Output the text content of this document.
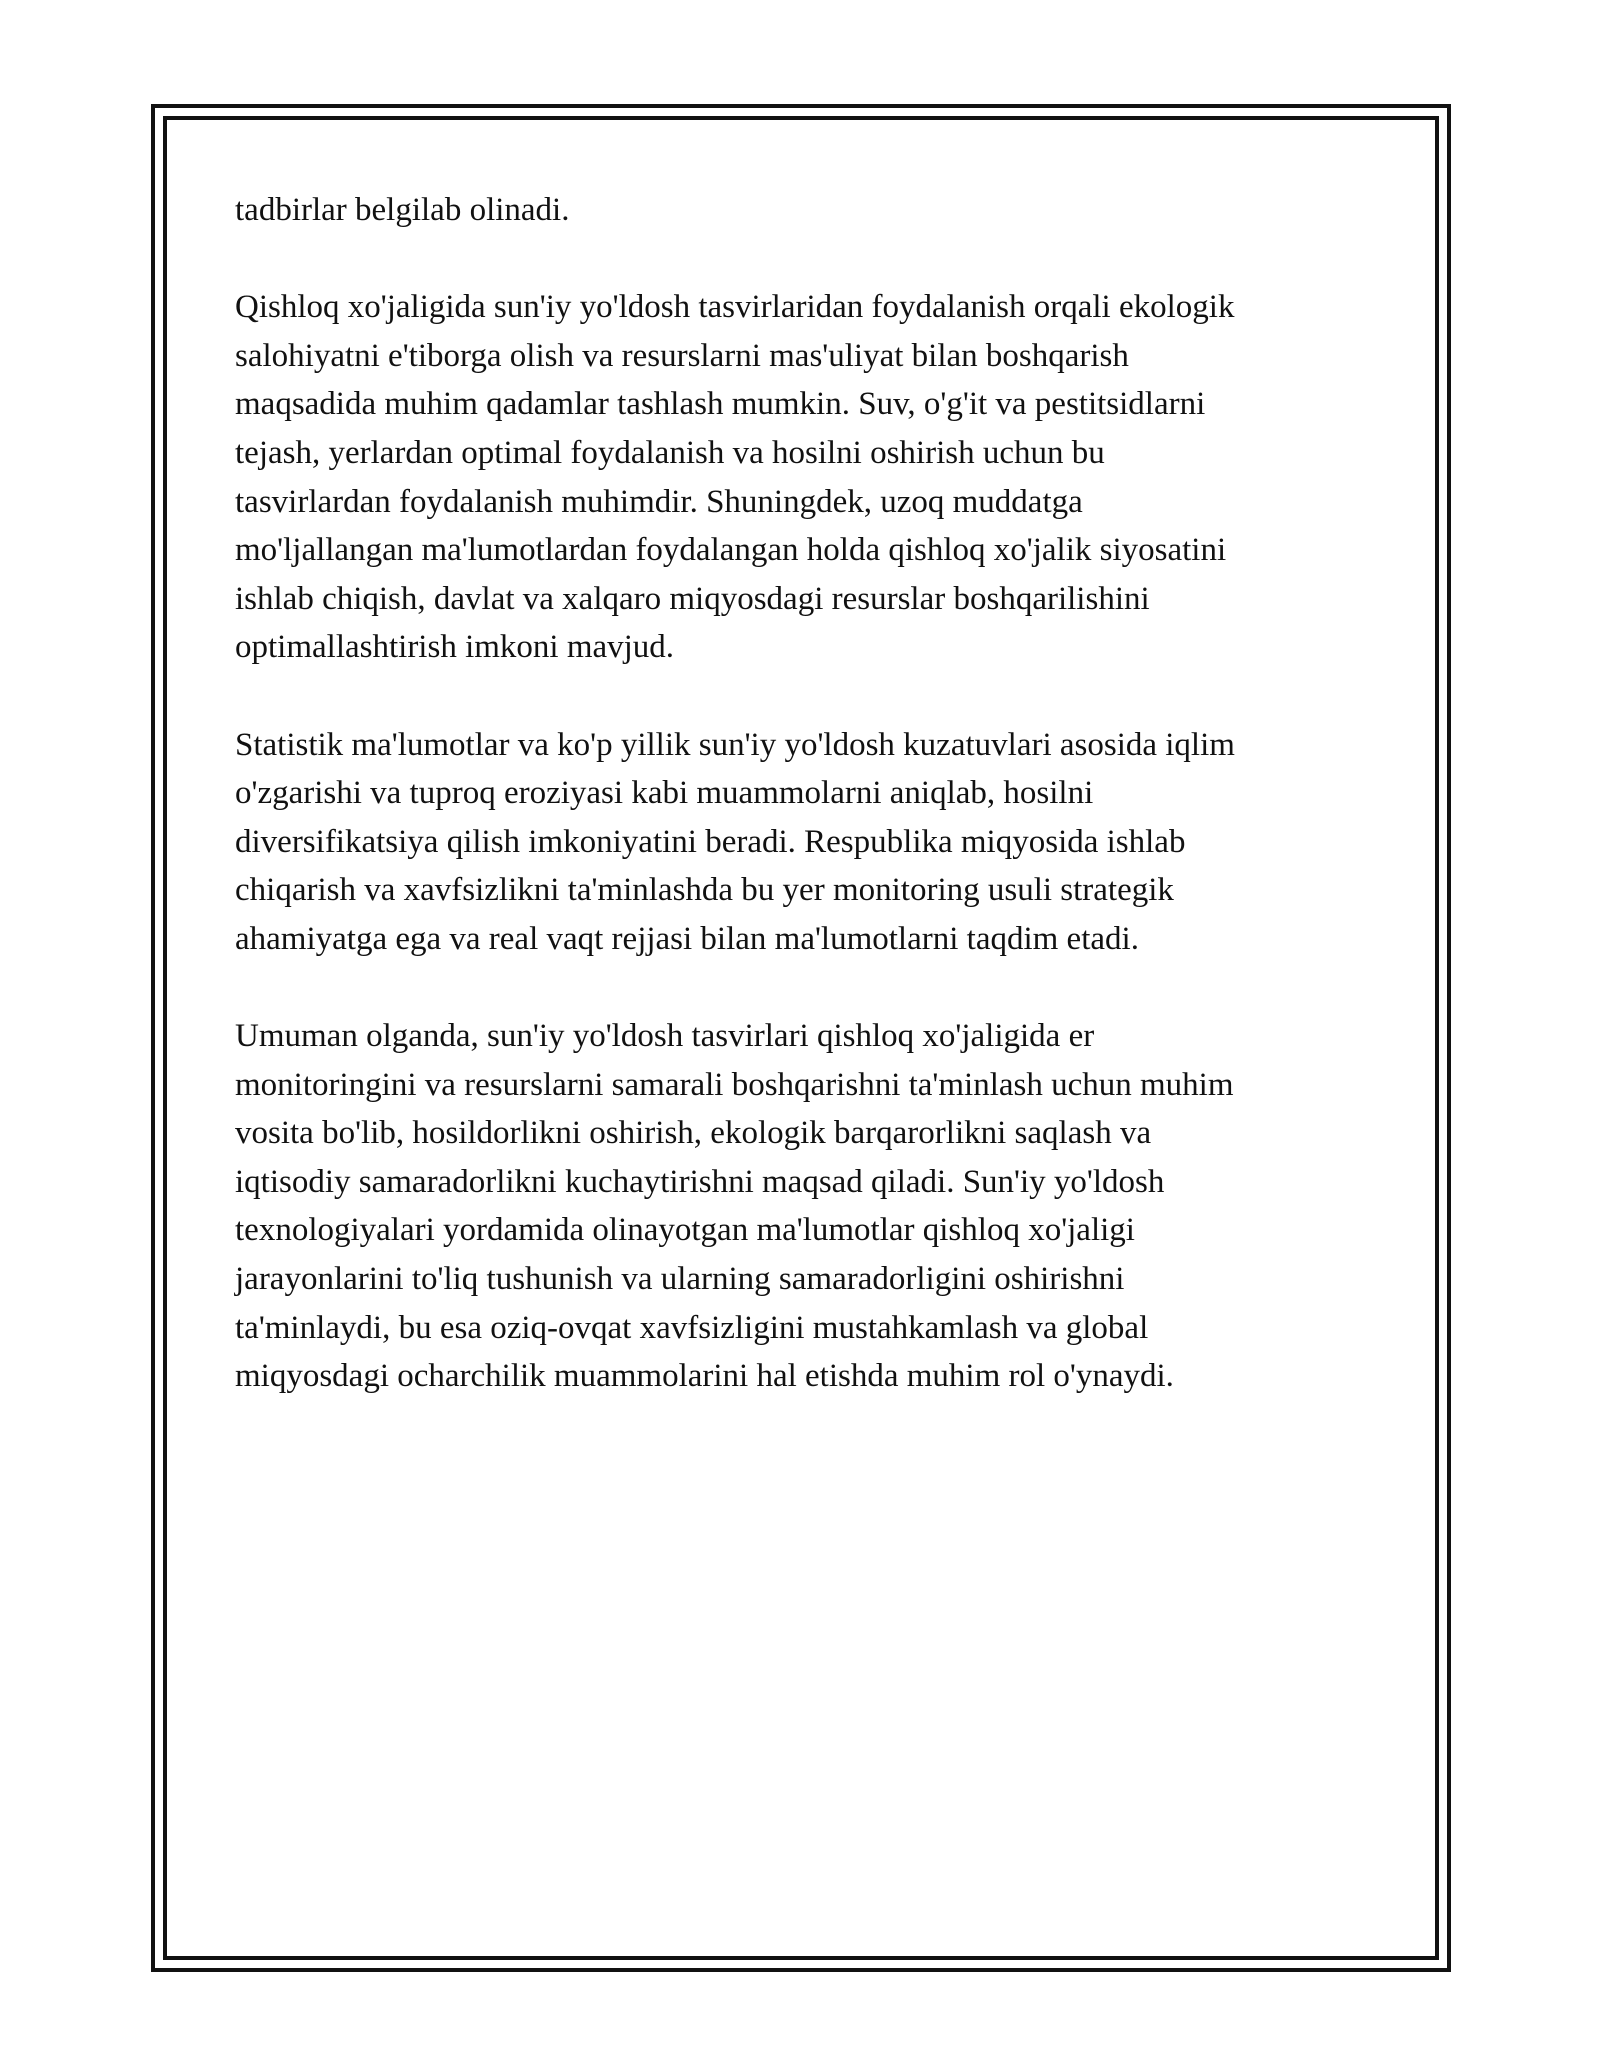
tadbirlar belgilab olinadi.

Qishloq xo'jaligida sun'iy yo'ldosh tasvirlaridan foydalanish orqali ekologik
salohiyatni e'tiborga olish va resurslarni mas'uliyat bilan boshqarish
maqsadida muhim qadamlar tashlash mumkin. Suv, o'g'it va pestitsidlarni
tejash, yerlardan optimal foydalanish va hosilni oshirish uchun bu
tasvirlardan foydalanish muhimdir. Shuningdek, uzoq muddatga
mo'ljallangan ma'lumotlardan foydalangan holda qishloq xo'jalik siyosatini
ishlab chiqish, davlat va xalqaro miqyosdagi resurslar boshqarilishini
optimallashtirish imkoni mavjud.

Statistik ma'lumotlar va ko'p yillik sun'iy yo'ldosh kuzatuvlari asosida iqlim
o'zgarishi va tuproq eroziyasi kabi muammolarni aniqlab, hosilni
diversifikatsiya qilish imkoniyatini beradi. Respublika miqyosida ishlab
chiqarish va xavfsizlikni ta'minlashda bu yer monitoring usuli strategik
ahamiyatga ega va real vaqt rejjasi bilan ma'lumotlarni taqdim etadi.

Umuman olganda, sun'iy yo'ldosh tasvirlari qishloq xo'jaligida er
monitoringini va resurslarni samarali boshqarishni ta'minlash uchun muhim
vosita bo'lib, hosildorlikni oshirish, ekologik barqarorlikni saqlash va
iqtisodiy samaradorlikni kuchaytirishni maqsad qiladi. Sun'iy yo'ldosh
texnologiyalari yordamida olinayotgan ma'lumotlar qishloq xo'jaligi
jarayonlarini to'liq tushunish va ularning samaradorligini oshirishni
ta'minlaydi, bu esa oziq-ovqat xavfsizligini mustahkamlash va global
miqyosdagi ocharchilik muammolarini hal etishda muhim rol o'ynaydi.
